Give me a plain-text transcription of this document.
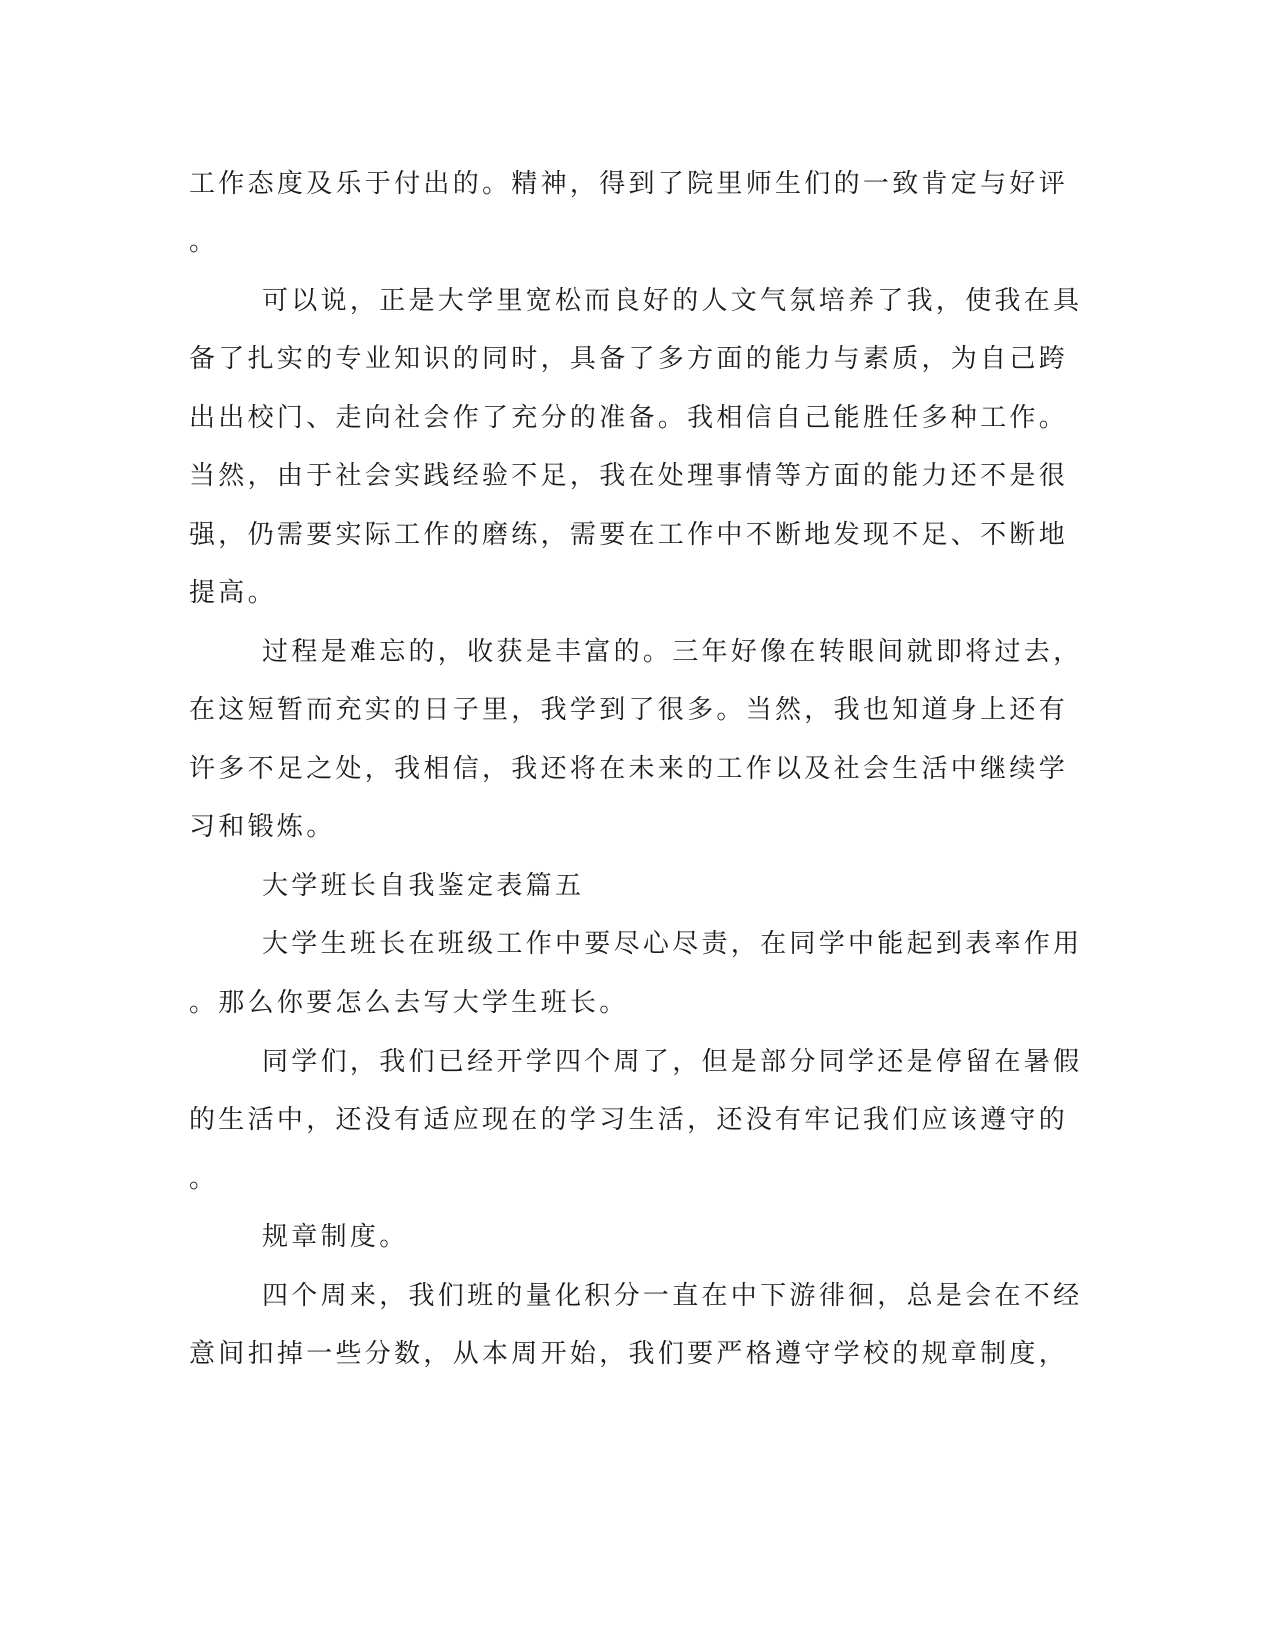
工作态度及乐于付出的。精神，得到了院里师生们的一致肯定与好评
。
可以说，正是大学里宽松而良好的人文气氛培养了我，使我在具
备了扎实的专业知识的同时，具备了多方面的能力与素质，为自己跨
出出校门、走向社会作了充分的准备。我相信自己能胜任多种工作。
当然，由于社会实践经验不足，我在处理事情等方面的能力还不是很
强，仍需要实际工作的磨练，需要在工作中不断地发现不足、不断地
提高。
过程是难忘的，收获是丰富的。三年好像在转眼间就即将过去，
在这短暂而充实的日子里，我学到了很多。当然，我也知道身上还有
许多不足之处，我相信，我还将在未来的工作以及社会生活中继续学
习和锻炼。
大学班长自我鉴定表篇五
大学生班长在班级工作中要尽心尽责，在同学中能起到表率作用
。那么你要怎么去写大学生班长。
同学们，我们已经开学四个周了，但是部分同学还是停留在暑假
的生活中，还没有适应现在的学习生活，还没有牢记我们应该遵守的
。
规章制度。
四个周来，我们班的量化积分一直在中下游徘徊，总是会在不经
意间扣掉一些分数，从本周开始，我们要严格遵守学校的规章制度，
